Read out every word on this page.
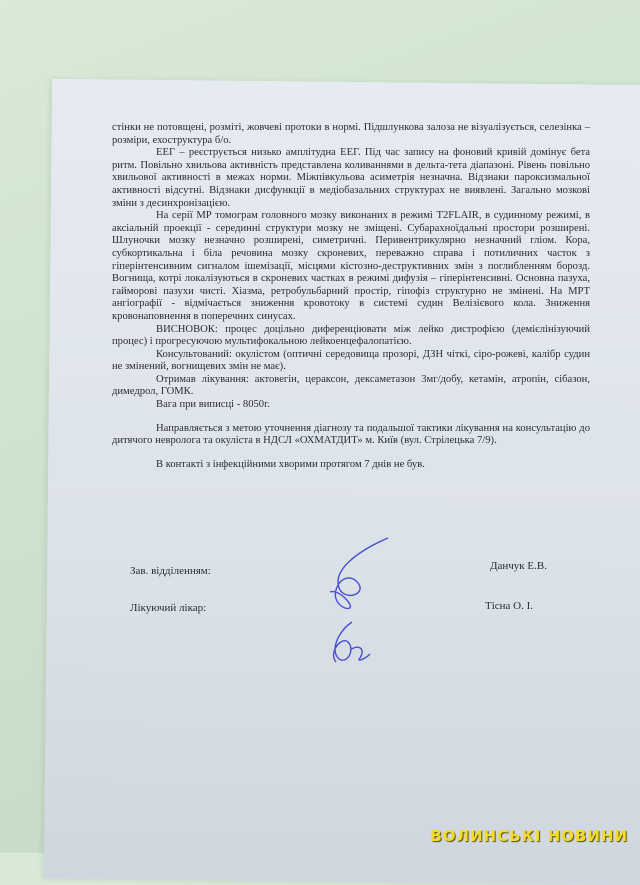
стінки не потовщені, розміті, жовчеві протоки в нормі. Підшлункова залоза не візуалізується, селезінка – розміри, ехоструктура б/о.

ЕЕГ – реєструється низько амплітудна ЕЕГ. Під час запису на фоновий кривій домінує бета ритм. Повільно хвильова активність представлена коливаннями в дельта-тета діапазоні. Рівень повільно хвильової активності в межах норми. Міжпівкульова асиметрія незначна. Відзнаки пароксизмальної активності відсутні. Відзнаки дисфункції в медіобазальних структурах не виявлені. Загально мозкові зміни з десинхронізацією.

На серії МР томограм головного мозку виконаних в режимі T2FLAIR, в судинному режимі, в аксіальній проекції - серединні структури мозку не зміщені. Субарахноїдальні простори розширені. Шлуночки мозку незначно розширені, симетричні. Перивентрикулярно незначний гліом. Кора, субкортикальна і біла речовина мозку скроневих, переважно справа і потиличних часток з гіперінтенсивним сигналом ішемізації, місцями кістозно-деструктивних змін з поглибленням борозд. Вогнища, котрі локалізуються в скроневих частках в режимі дифузія – гіперінтенсивні. Основна пазуха, гайморові пазухи чисті. Хіазма, ретробульбарний простір, гіпофіз структурно не змінені. На МРТ ангіографії - відмічається зниження кровотоку в системі судин Велізієвого кола. Зниження кровонаповнення в поперечних синусах.

ВИСНОВОК: процес доцільно диференціювати між лейко дистрофією (демієлінізуючий процес) і прогресуючою мультифокальною лейкоенцефалопатією.

Консультований: окулістом (оптичні середовища прозорі, ДЗН чіткі, сіро-рожеві, калібр судин не змінений, вогнищевих змін не має).

Отримав лікування: актовегін, цераксон, дексаметазон 3мг/добу, кетамін, атропін, сібазон, димедрол, ГОМК.

Вага при виписці - 8050г.

Направляється з метою уточнення діагнозу та подальшої тактики лікування на консультацію до дитячого невролога та окуліста в НДСЛ «ОХМАТДИТ» м. Київ (вул. Стрілецька 7/9).

В контакті з інфекційними хворими протягом 7 днів не був.

Зав. відділенням:	Данчук Е.В.
Лікуючий лікар:	Тісна О. І.
ВОЛИНСЬКІ НОВИНИ
